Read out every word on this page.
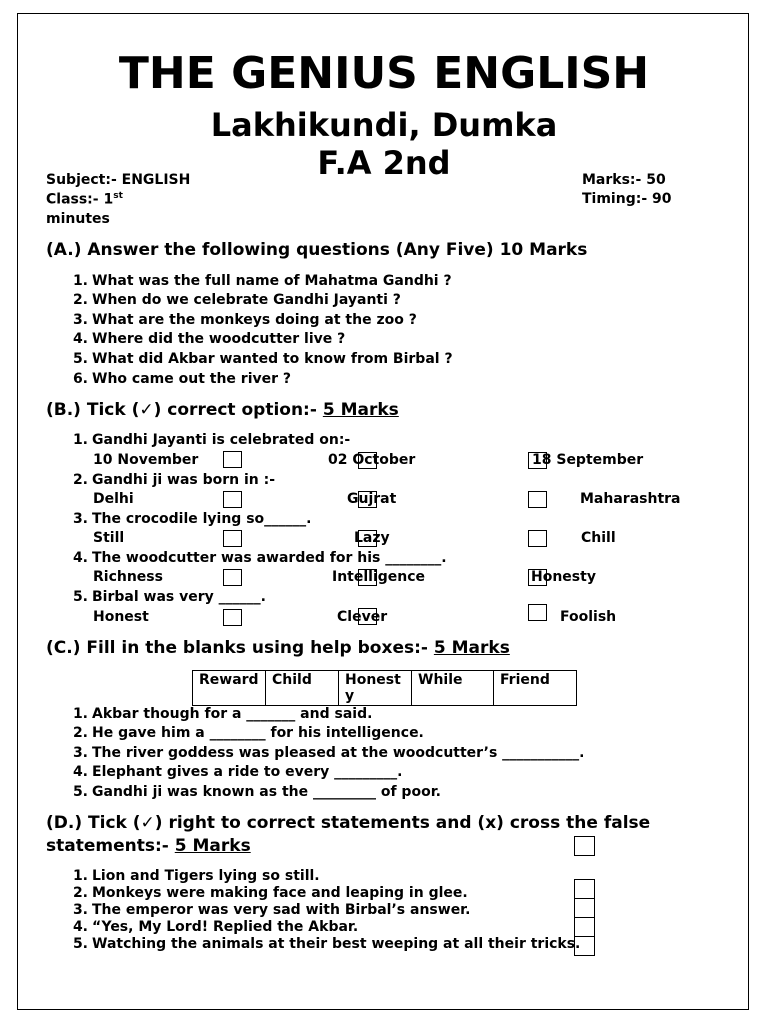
THE GENIUS ENGLISH
Lakhikundi, Dumka
F.A 2nd
Subject:- ENGLISH
Class:- 1st
minutes
Marks:- 50
Timing:- 90
(A.) Answer the following questions (Any Five) 10 Marks
1. What was the full name of Mahatma Gandhi ?
2. When do we celebrate Gandhi Jayanti ?
3. What are the monkeys doing at the zoo ?
4. Where did the woodcutter live ?
5. What did Akbar wanted to know from Birbal ?
6. Who came out the river ?
(B.) Tick (✓) correct option:- 5 Marks
1. Gandhi Jayanti is celebrated on:-
10 November	02 October	18 September
2. Gandhi ji was born in :-
Delhi	Gujrat	Maharashtra
3. The crocodile lying so______.
Still	Lazy	Chill
4. The woodcutter was awarded for his ________.
Richness	Intelligence	Honesty
5. Birbal was very ______.
Honest	Clever	Foolish
(C.) Fill in the blanks using help boxes:- 5 Marks
Reward	Child	Honesty	While	Friend
1. Akbar though for a _______ and said.
2. He gave him a ________ for his intelligence.
3. The river goddess was pleased at the woodcutter’s ___________.
4. Elephant gives a ride to every _________.
5. Gandhi ji was known as the _________ of poor.
(D.) Tick (✓) right to correct statements and (x) cross the false
statements:- 5 Marks
1. Lion and Tigers lying so still.
2. Monkeys were making face and leaping in glee.
3. The emperor was very sad with Birbal’s answer.
4. “Yes, My Lord! Replied the Akbar.
5. Watching the animals at their best weeping at all their tricks.
